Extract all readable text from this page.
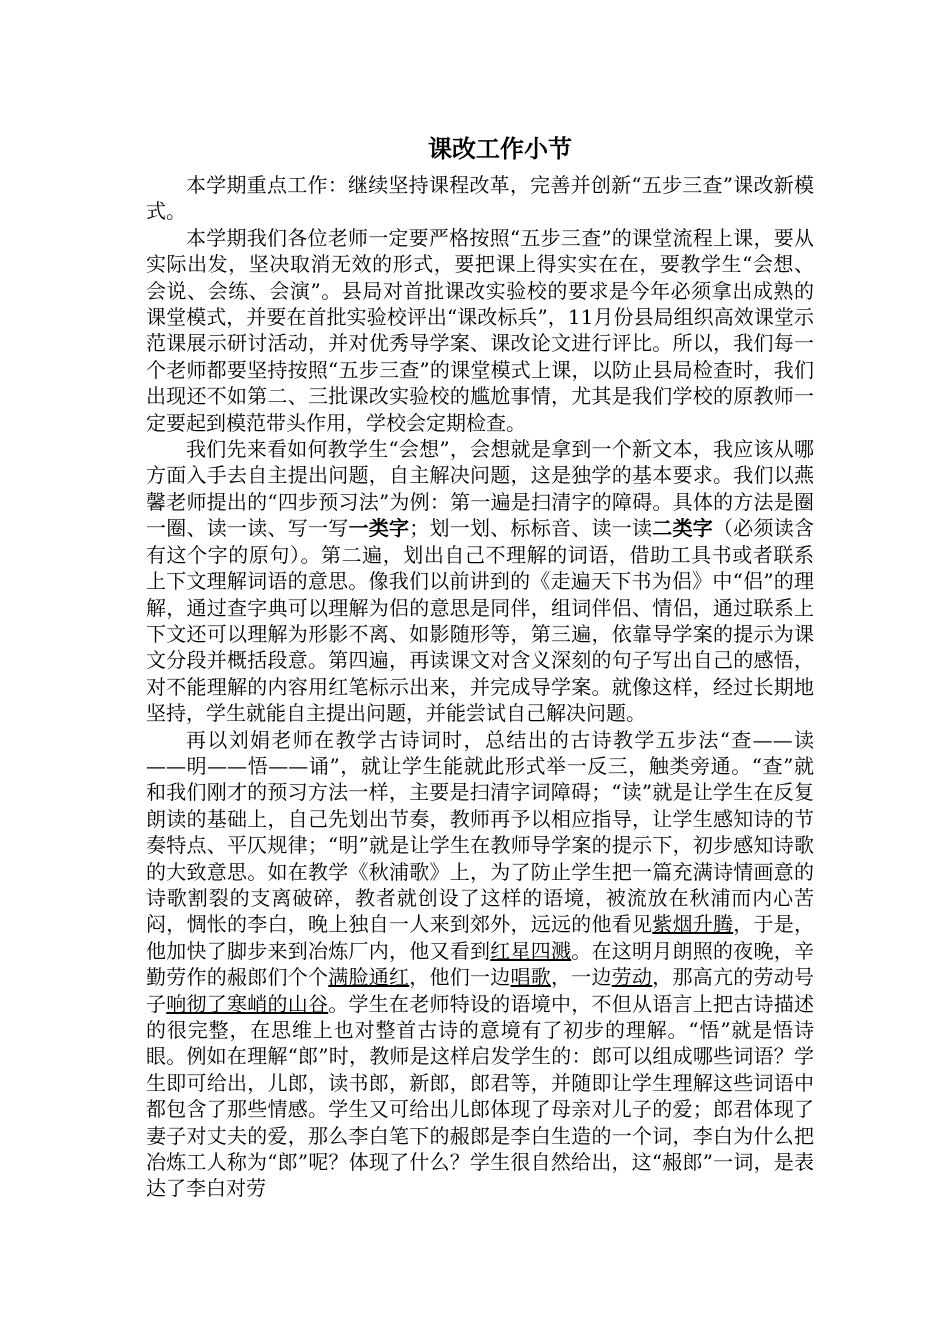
课改工作小节

本学期重点工作：继续坚持课程改革，完善并创新“五步三查”课改新模式。

本学期我们各位老师一定要严格按照“五步三查”的课堂流程上课，要从实际出发，坚决取消无效的形式，要把课上得实实在在，要教学生“会想、会说、会练、会演”。县局对首批课改实验校的要求是今年必须拿出成熟的课堂模式，并要在首批实验校评出“课改标兵”，11月份县局组织高效课堂示范课展示研讨活动，并对优秀导学案、课改论文进行评比。所以，我们每一个老师都要坚持按照“五步三查”的课堂模式上课，以防止县局检查时，我们出现还不如第二、三批课改实验校的尴尬事情，尤其是我们学校的原教师一定要起到模范带头作用，学校会定期检查。

我们先来看如何教学生“会想”，会想就是拿到一个新文本，我应该从哪方面入手去自主提出问题，自主解决问题，这是独学的基本要求。我们以燕馨老师提出的“四步预习法”为例：第一遍是扫清字的障碍。具体的方法是圈一圈、读一读、写一写一类字；划一划、标标音、读一读二类字（必须读含有这个字的原句）。第二遍，划出自己不理解的词语，借助工具书或者联系上下文理解词语的意思。像我们以前讲到的《走遍天下书为侣》中“侣”的理解，通过查字典可以理解为侣的意思是同伴，组词伴侣、情侣，通过联系上下文还可以理解为形影不离、如影随形等，第三遍，依靠导学案的提示为课文分段并概括段意。第四遍，再读课文对含义深刻的句子写出自己的感悟，对不能理解的内容用红笔标示出来，并完成导学案。就像这样，经过长期地坚持，学生就能自主提出问题，并能尝试自己解决问题。

再以刘娟老师在教学古诗词时，总结出的古诗教学五步法“查——读——明——悟——诵”，就让学生能就此形式举一反三，触类旁通。“查”就和我们刚才的预习方法一样，主要是扫清字词障碍；“读”就是让学生在反复朗读的基础上，自己先划出节奏，教师再予以相应指导，让学生感知诗的节奏特点、平仄规律；“明”就是让学生在教师导学案的提示下，初步感知诗歌的大致意思。如在教学《秋浦歌》上，为了防止学生把一篇充满诗情画意的诗歌割裂的支离破碎，教者就创设了这样的语境，被流放在秋浦而内心苦闷，惆怅的李白，晚上独自一人来到郊外，远远的他看见紫烟升腾，于是，他加快了脚步来到冶炼厂内，他又看到红星四溅。在这明月朗照的夜晚，辛勤劳作的赧郎们个个满脸通红，他们一边唱歌，一边劳动，那高亢的劳动号子响彻了寒峭的山谷。学生在老师特设的语境中，不但从语言上把古诗描述的很完整，在思维上也对整首古诗的意境有了初步的理解。“悟”就是悟诗眼。例如在理解“郎”时，教师是这样启发学生的：郎可以组成哪些词语？学生即可给出，儿郎，读书郎，新郎，郎君等，并随即让学生理解这些词语中都包含了那些情感。学生又可给出儿郎体现了母亲对儿子的爱；郎君体现了妻子对丈夫的爱，那么李白笔下的赧郎是李白生造的一个词，李白为什么把冶炼工人称为“郎”呢？体现了什么？学生很自然给出，这“赧郎”一词，是表达了李白对劳
